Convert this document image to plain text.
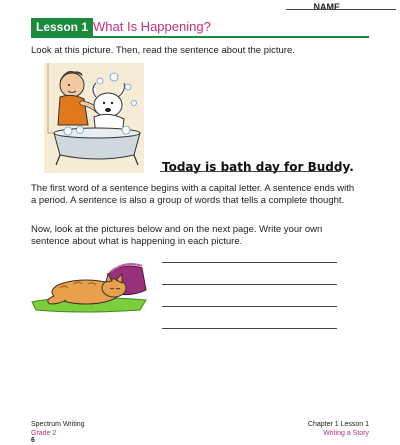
NAME
Lesson 1 What Is Happening?
Look at this picture. Then, read the sentence about the picture.
Today is bath day for Buddy.
The first word of a sentence begins with a capital letter. A sentence ends with a period. A sentence is also a group of words that tells a complete thought.
Now, look at the pictures below and on the next page. Write your own sentence about what is happening in each picture.
Spectrum Writing
Grade 2
6
Chapter 1 Lesson 1
Writing a Story
